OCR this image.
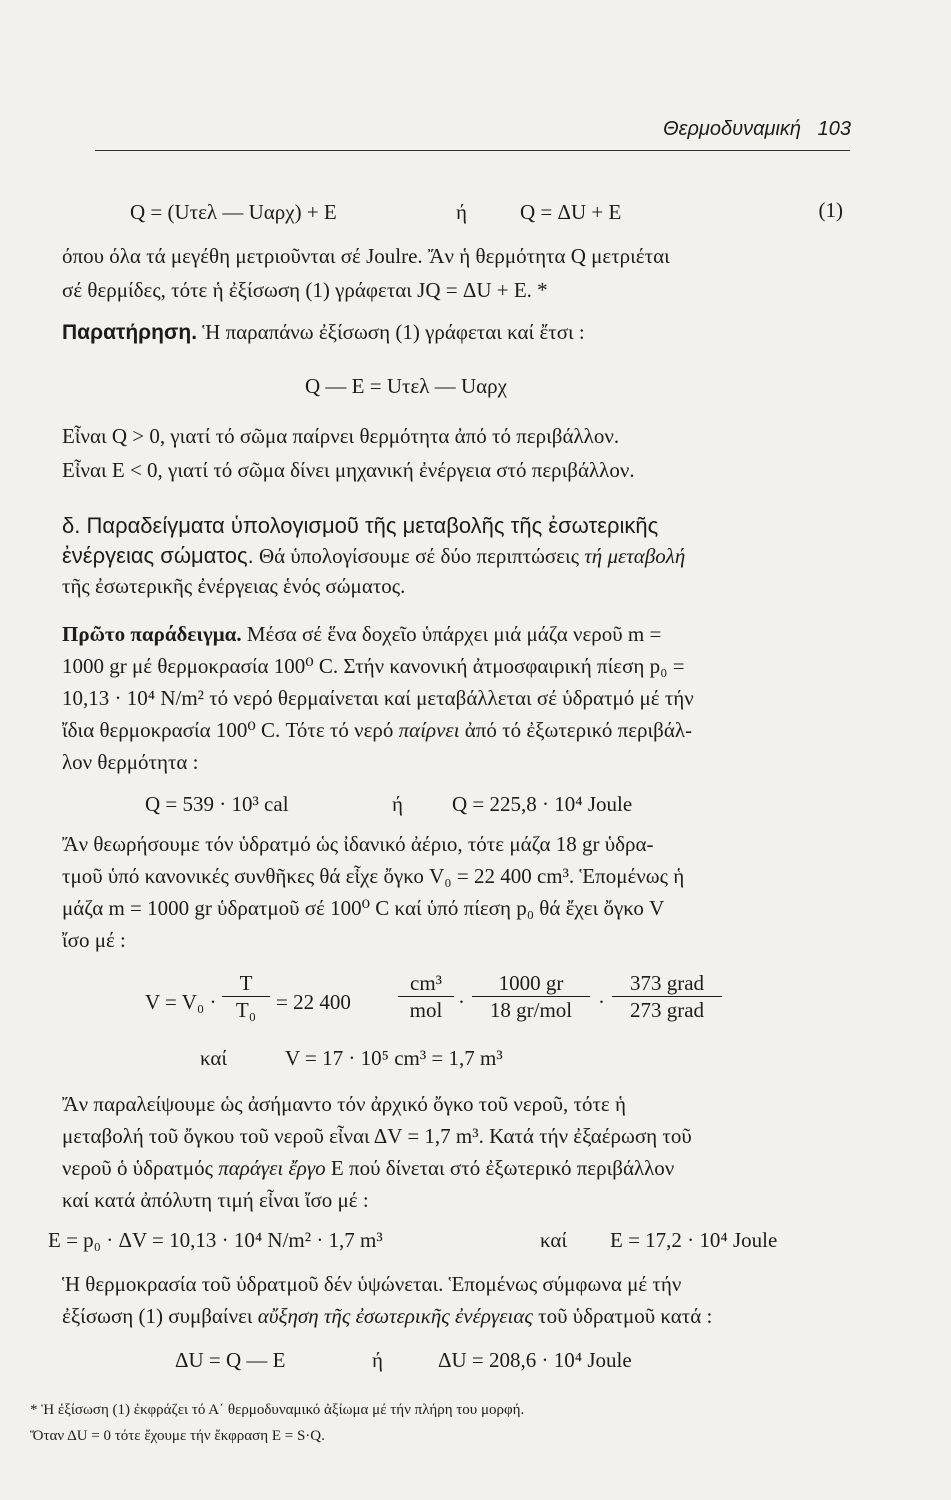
Θερμοδυναμική 103
Q = (Uτελ — Uαρχ) + E	ή	Q = ΔU + E	(1)
όπου όλα τά μεγέθη μετριοῦνται σέ Joulre. Ἄν ἡ θερμότητα Q μετριέται
σέ θερμίδες, τότε ἡ ἐξίσωση (1) γράφεται JQ = ΔU + E. *
Παρατήρηση. Ἡ παραπάνω ἐξίσωση (1) γράφεται καί ἔτσι :
Q — E = Uτελ — Uαρχ
Εἶναι Q > 0, γιατί τό σῶμα παίρνει θερμότητα ἀπό τό περιβάλλον.
Εἶναι E < 0, γιατί τό σῶμα δίνει μηχανική ἐνέργεια στό περιβάλλον.
δ. Παραδείγματα ὑπολογισμοῦ τῆς μεταβολῆς τῆς ἐσωτερικῆς
ἐνέργειας σώματος. Θά ὑπολογίσουμε σέ δύο περιπτώσεις τή μεταβολή
τῆς ἐσωτερικῆς ἐνέργειας ἑνός σώματος.
Πρῶτο παράδειγμα. Μέσα σέ ἕνα δοχεῖο ὑπάρχει μιά μάζα νεροῦ m =
1000 gr μέ θερμοκρασία 100⁰ C. Στήν κανονική ἀτμοσφαιρική πίεση p₀ =
10,13 · 10⁴ N/m² τό νερό θερμαίνεται καί μεταβάλλεται σέ ὑδρατμό μέ τήν
ἴδια θερμοκρασία 100⁰ C. Τότε τό νερό παίρνει ἀπό τό ἐξωτερικό περιβάλ-
λον θερμότητα :
Q = 539 · 10³ cal	ή Q = 225,8 · 10⁴ Joule
Ἄν θεωρήσουμε τόν ὑδρατμό ὡς ἰδανικό ἀέριο, τότε μάζα 18 gr ὑδρα-
τμοῦ ὑπό κανονικές συνθῆκες θά εἶχε ὄγκο V₀ = 22 400 cm³. Ἑπομένως ἡ
μάζα m = 1000 gr ὑδρατμοῦ σέ 100⁰ C καί ὑπό πίεση p₀ θά ἔχει ὄγκο V
ἴσο μέ :
$V = V_0 \cdot \frac{T}{\text{T₀}} = 22$ 400
cm³
mol ·
1000 gr
18 gr/mol	·
373 grad
273 grad
καί	V = 17 · 10⁵ cm³ = 1,7 m³
Ἄν παραλείψουμε ὡς ἀσήμαντο τόν ἀρχικό ὄγκο τοῦ νεροῦ, τότε ἡ
μεταβολή τοῦ ὄγκου τοῦ νεροῦ εἶναι ΔV = 1,7 m³. Κατά τήν ἐξαέρωση τοῦ
νεροῦ ὁ ὑδρατμός παράγει ἔργο E πού δίνεται στό ἐξωτερικό περιβάλλον
καί κατά ἀπόλυτη τιμή εἶναι ἴσο μέ :
E = p₀ · ΔV = 10,13 · 10⁴ N/m² · 1,7 m³	καί E = 17,2 · 10⁴ Joule
Ἡ θερμοκρασία τοῦ ὑδρατμοῦ δέν ὑψώνεται. Ἑπομένως σύμφωνα μέ τήν
ἐξίσωση (1) συμβαίνει αὔξηση τῆς ἐσωτερικῆς ἐνέργειας τοῦ ὑδρατμοῦ κατά :
ΔU = Q — E	ή	ΔU = 208,6 · 10⁴ Joule
* Ἡ ἐξίσωση (1) ἐκφράζει τό Α΄ θερμοδυναμικό ἀξίωμα μέ τήν πλήρη του μορφή.
Ὅταν ΔU = 0 τότε ἔχουμε τήν ἔκφραση E = S·Q.
